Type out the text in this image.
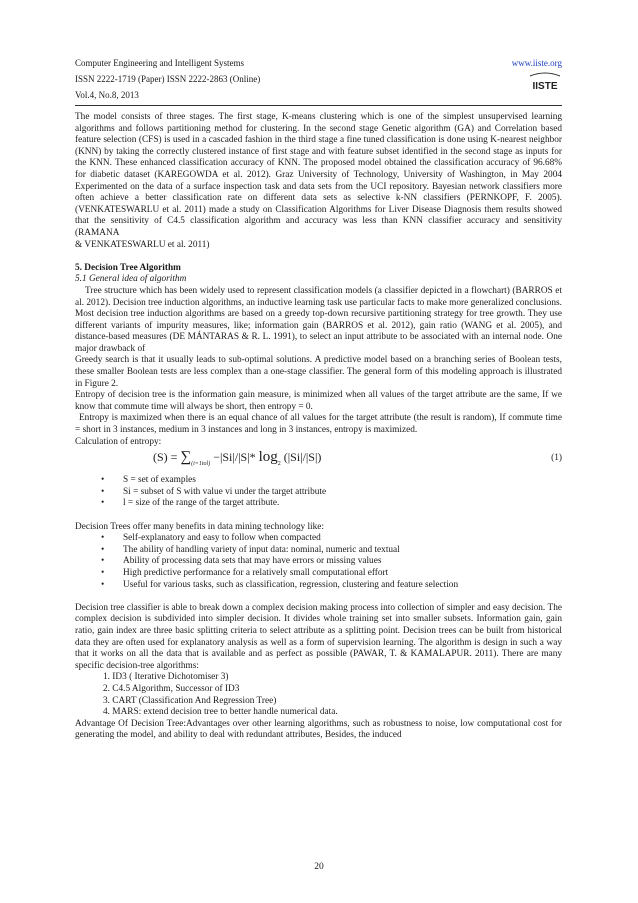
Computer Engineering and Intelligent Systems
ISSN 2222-1719 (Paper) ISSN 2222-2863 (Online)
Vol.4, No.8, 2013
www.iiste.org
IISTE

The model consists of three stages. The first stage, K-means clustering which is one of the simplest unsupervised learning algorithms and follows partitioning method for clustering. In the second stage Genetic algorithm (GA) and Correlation based feature selection (CFS) is used in a cascaded fashion in the third stage a fine tuned classification is done using K-nearest neighbor (KNN) by taking the correctly clustered instance of first stage and with feature subset identified in the second stage as inputs for the KNN. These enhanced classification accuracy of KNN. The proposed model obtained the classification accuracy of 96.68% for diabetic dataset (KAREGOWDA et al. 2012). Graz University of Technology, University of Washington, in May 2004 Experimented on the data of a surface inspection task and data sets from the UCI repository. Bayesian network classifiers more often achieve a better classification rate on different data sets as selective k-NN classifiers (PERNKOPF, F. 2005). (VENKATESWARLU et al. 2011) made a study on Classification Algorithms for Liver Disease Diagnosis them results showed that the sensitivity of C4.5 classification algorithm and accuracy was less than KNN classifier accuracy and sensitivity (RAMANA

& VENKATESWARLU et al. 2011)

5. Decision Tree Algorithm

5.1 General idea of algorithm

Tree structure which has been widely used to represent classification models (a classifier depicted in a flowchart) (BARROS et al. 2012). Decision tree induction algorithms, an inductive learning task use particular facts to make more generalized conclusions. Most decision tree induction algorithms are based on a greedy top-down recursive partitioning strategy for tree growth. They use different variants of impurity measures, like; information gain (BARROS et al. 2012), gain ratio (WANG et al. 2005), and distance-based measures (DE MÁNTARAS & R. L. 1991), to select an input attribute to be associated with an internal node. One major drawback of

Greedy search is that it usually leads to sub-optimal solutions. A predictive model based on a branching series of Boolean tests, these smaller Boolean tests are less complex than a one-stage classifier. The general form of this modeling approach is illustrated in Figure 2.

Entropy of decision tree is the information gain measure, is minimized when all values of the target attribute are the same, If we know that commute time will always be short, then entropy = 0.

Entropy is maximized when there is an equal chance of all values for the target attribute (the result is random), If commute time = short in 3 instances, medium in 3 instances and long in 3 instances, entropy is maximized.

Calculation of entropy:

$(S) = \sum_{(i=1tol)} -|Si|/|S|*$ $\log_2 (|Si|/|S|)$	(1)
• S = set of examples
• Si = subset of S with value vi under the target attribute
• l = size of the range of the target attribute.

Decision Trees offer many benefits in data mining technology like:

• Self-explanatory and easy to follow when compacted
• The ability of handling variety of input data: nominal, numeric and textual
• Ability of processing data sets that may have errors or missing values
• High predictive performance for a relatively small computational effort
• Useful for various tasks, such as classification, regression, clustering and feature selection

Decision tree classifier is able to break down a complex decision making process into collection of simpler and easy decision. The complex decision is subdivided into simpler decision. It divides whole training set into smaller subsets. Information gain, gain ratio, gain index are three basic splitting criteria to select attribute as a splitting point. Decision trees can be built from historical data they are often used for explanatory analysis as well as a form of supervision learning. The algorithm is design in such a way that it works on all the data that is available and as perfect as possible (PAWAR, T. & KAMALAPUR. 2011). There are many specific decision-tree algorithms:

1. ID3 ( Iterative Dichotomiser 3)
2. C4.5 Algorithm, Successor of ID3
3. CART (Classification And Regression Tree)
4. MARS: extend decision tree to better handle numerical data.

Advantage Of Decision Tree:Advantages over other learning algorithms, such as robustness to noise, low computational cost for generating the model, and ability to deal with redundant attributes, Besides, the induced

20
